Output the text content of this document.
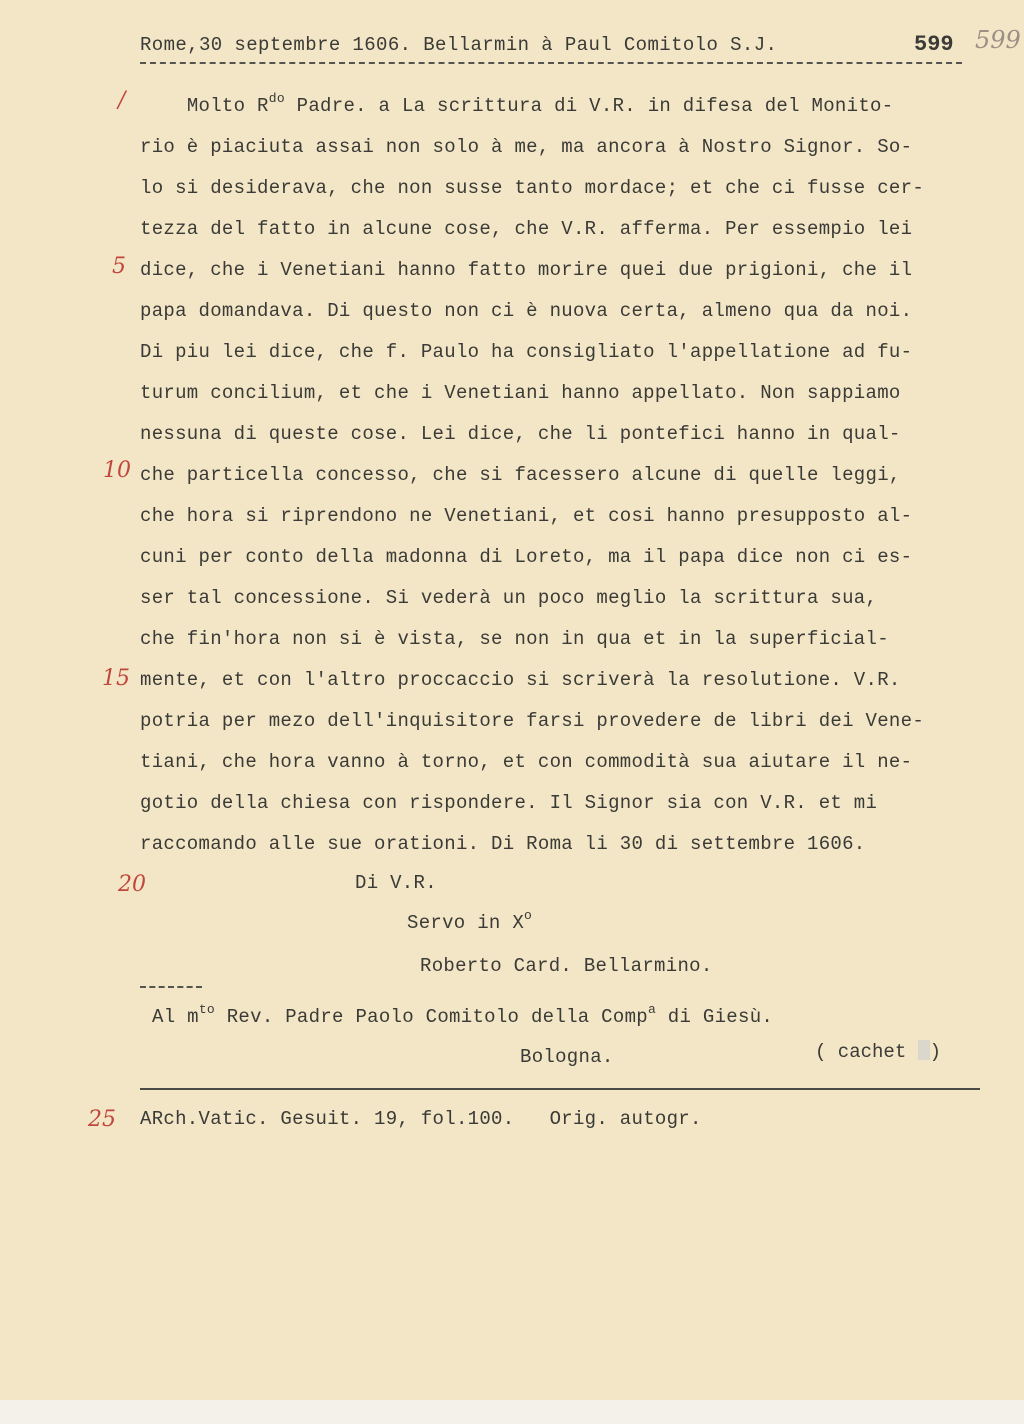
Rome,30 septembre 1606. Bellarmin à Paul Comitolo S.J.	599 599
/
5
10
15
20
25
Molto $R^{do}$ Padre. a La scrittura di V.R. in difesa del Monito-
rio è piaciuta assai non solo à me, ma ancora à Nostro Signor. So-
lo si desiderava, che non susse tanto mordace; et che ci fusse cer-
tezza del fatto in alcune cose, che V.R. afferma. Per essempio lei
dice, che i Venetiani hanno fatto morire quei due prigioni, che il
papa domandava. Di questo non ci è nuova certa, almeno qua da noi.
Di piu lei dice, che f. Paulo ha consigliato l'appellatione ad fu-
turum concilium, et che i Venetiani hanno appellato. Non sappiamo
nessuna di queste cose. Lei dice, che li pontefici hanno in qual-
che particella concesso, che si facessero alcune di quelle leggi,
che hora si riprendono ne Venetiani, et cosi hanno presupposto al-
cuni per conto della madonna di Loreto, ma il papa dice non ci es-
ser tal concessione. Si vederà un poco meglio la scrittura sua,
che fin'hora non si è vista, se non in qua et in la superficial-
mente, et con l'altro proccaccio si scriverà la resolutione. V.R.
potria per mezo dell'inquisitore farsi provedere de libri dei Vene-
tiani, che hora vanno à torno, et con commodità sua aiutare il ne-
gotio della chiesa con rispondere. Il Signor sia con V.R. et mi
raccomando alle sue orationi. Di Roma li 30 di settembre 1606.
Di V.R.
Servo in $X^o$
Roberto Card. Bellarmino.
Al $m^{to}$ Rev. Padre Paolo Comitolo della Comp$^a$ di Giesù.
Bologna.	( cachet )
ARch.Vatic. Gesuit. 19, fol.100. Orig. autogr.
